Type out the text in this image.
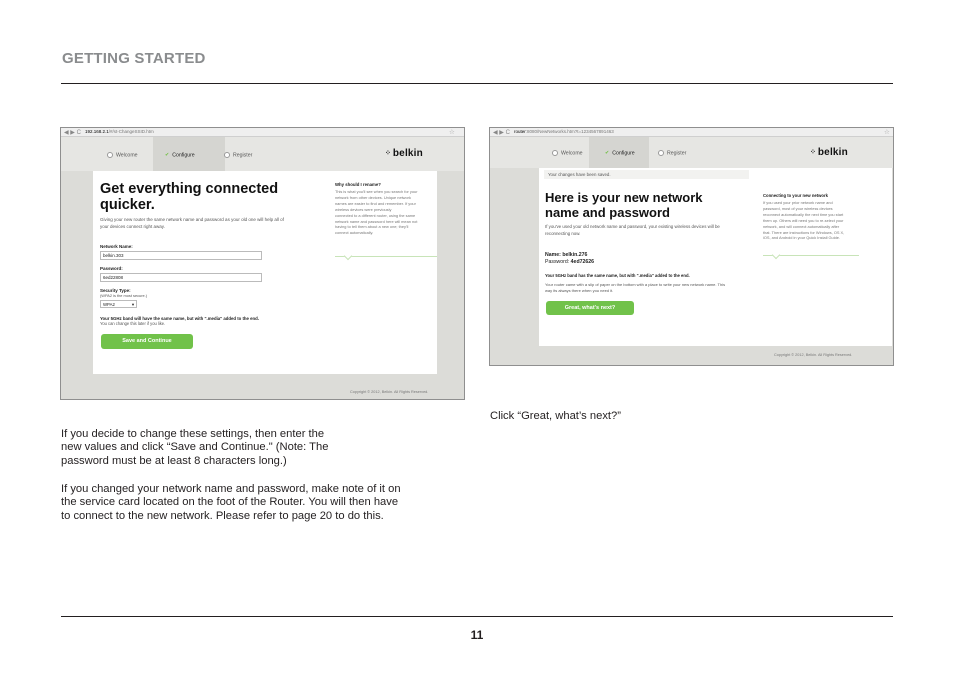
GETTING STARTED
◀ ▶ C 192.168.2.1/#/st-ChangeSSID.htm	☆
Welcome	✔ Configure	Register	⁘ belkin
Get everything connected
quicker.
Giving your new router the same network name and password as your old one will help all of
your devices connect right away.
Network Name:
belkin.303
Password:
6ed22808
Security Type:
(WPA2 is the most secure.)
WPA2	▾
Your 5GHz band will have the same name, but with ".media" added to the end.
You can change this later if you like.
Save and Continue
Why should I rename?
This is what you'll see when you search for your
network from other devices. Unique network
names are easier to find and remember. If your
wireless devices were previously
connected to a different router, using the same
network name and password here will mean not
having to tell them about a new one; they'll
connect automatically.
Copyright © 2012, Belkin. All Rights Reserved.
◀ ▶ C router:8080/NewNetworks.htm?t=1234567891463	☆
Welcome	✔ Configure	Register	⁘ belkin
Your changes have been saved.
Here is your new network
name and password
If you've used your old network name and password, your existing wireless devices will be
reconnecting now.
Name: belkin.276
Password: 4ed72626
Your 5GHz band has the same name, but with ".media" added to the end.
Your router came with a slip of paper on the bottom with a place to write your new network name. This
way its always there when you need it.
Great, what's next?
Connecting to your new network
If you used your prior network name and
password, most of your wireless devices
reconnect automatically the next time you start
them up. Others will need you to re-select your
network, and will connect automatically after
that. There are instructions for Windows, OS X,
iOS, and Android in your Quick Install Guide.
Copyright © 2012, Belkin. All Rights Reserved.
If you decide to change these settings, then enter the
new values and click “Save and Continue." (Note: The
password must be at least 8 characters long.)
If you changed your network name and password, make note of it on
the service card located on the foot of the Router. You will then have
to connect to the new network. Please refer to page 20 to do this.
Click “Great, what’s next?”
11
